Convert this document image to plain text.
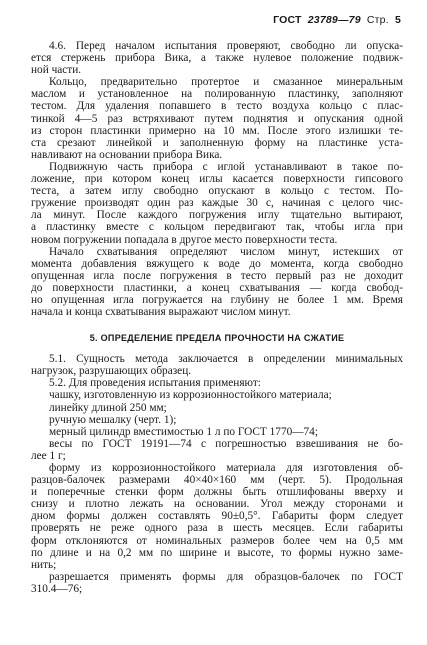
ГОСТ 23789—79 Стр. 5
4.6. Перед началом испытания проверяют, свободно ли опуска-
ется стержень прибора Вика, а также нулевое положение подвиж-
ной части.
Кольцо, предварительно протертое и смазанное минеральным
маслом и установленное на полированную пластинку, заполняют
тестом. Для удаления попавшего в тесто воздуха кольцо с плас-
тинкой 4—5 раз встряхивают путем поднятия и опускания одной
из сторон пластинки примерно на 10 мм. После этого излишки те-
ста срезают линейкой и заполненную форму на пластинке уста-
навливают на основании прибора Вика.
Подвижную часть прибора с иглой устанавливают в такое по-
ложение, при котором конец иглы касается поверхности гипсового
теста, а затем иглу свободно опускают в кольцо с тестом. По-
гружение производят один раз каждые 30 с, начиная с целого чис-
ла минут. После каждого погружения иглу тщательно вытирают,
а пластинку вместе с кольцом передвигают так, чтобы игла при
новом погружении попадала в другое место поверхности теста.
Начало схватывания определяют числом минут, истекших от
момента добавления вяжущего к воде до момента, когда свободно
опущенная игла после погружения в тесто первый раз не доходит
до поверхности пластинки, а конец схватывания — когда свобод-
но опущенная игла погружается на глубину не более 1 мм. Время
начала и конца схватывания выражают числом минут.
5. ОПРЕДЕЛЕНИЕ ПРЕДЕЛА ПРОЧНОСТИ НА СЖАТИЕ
5.1. Сущность метода заключается в определении минимальных
нагрузок, разрушающих образец.
5.2. Для проведения испытания применяют:
чашку, изготовленную из коррозионностойкого материала;
линейку длиной 250 мм;
ручную мешалку (черт. 1);
мерный цилиндр вместимостью 1 л по ГОСТ 1770—74;
весы по ГОСТ 19191—74 с погрешностью взвешивания не бо-
лее 1 г;
форму из коррозионностойкого материала для изготовления об-
разцов-балочек размерами 40×40×160 мм (черт. 5). Продольная
и поперечные стенки форм должны быть отшлифованы вверху и
снизу и плотно лежать на основании. Угол между сторонами и
дном формы должен составлять 90±0,5°. Габариты форм следует
проверять не реже одного раза в шесть месяцев. Если габариты
форм отклоняются от номинальных размеров более чем на 0,5 мм
по длине и на 0,2 мм по ширине и высоте, то формы нужно заме-
нить;
разрешается применять формы для образцов-балочек по ГОСТ
310.4—76;
